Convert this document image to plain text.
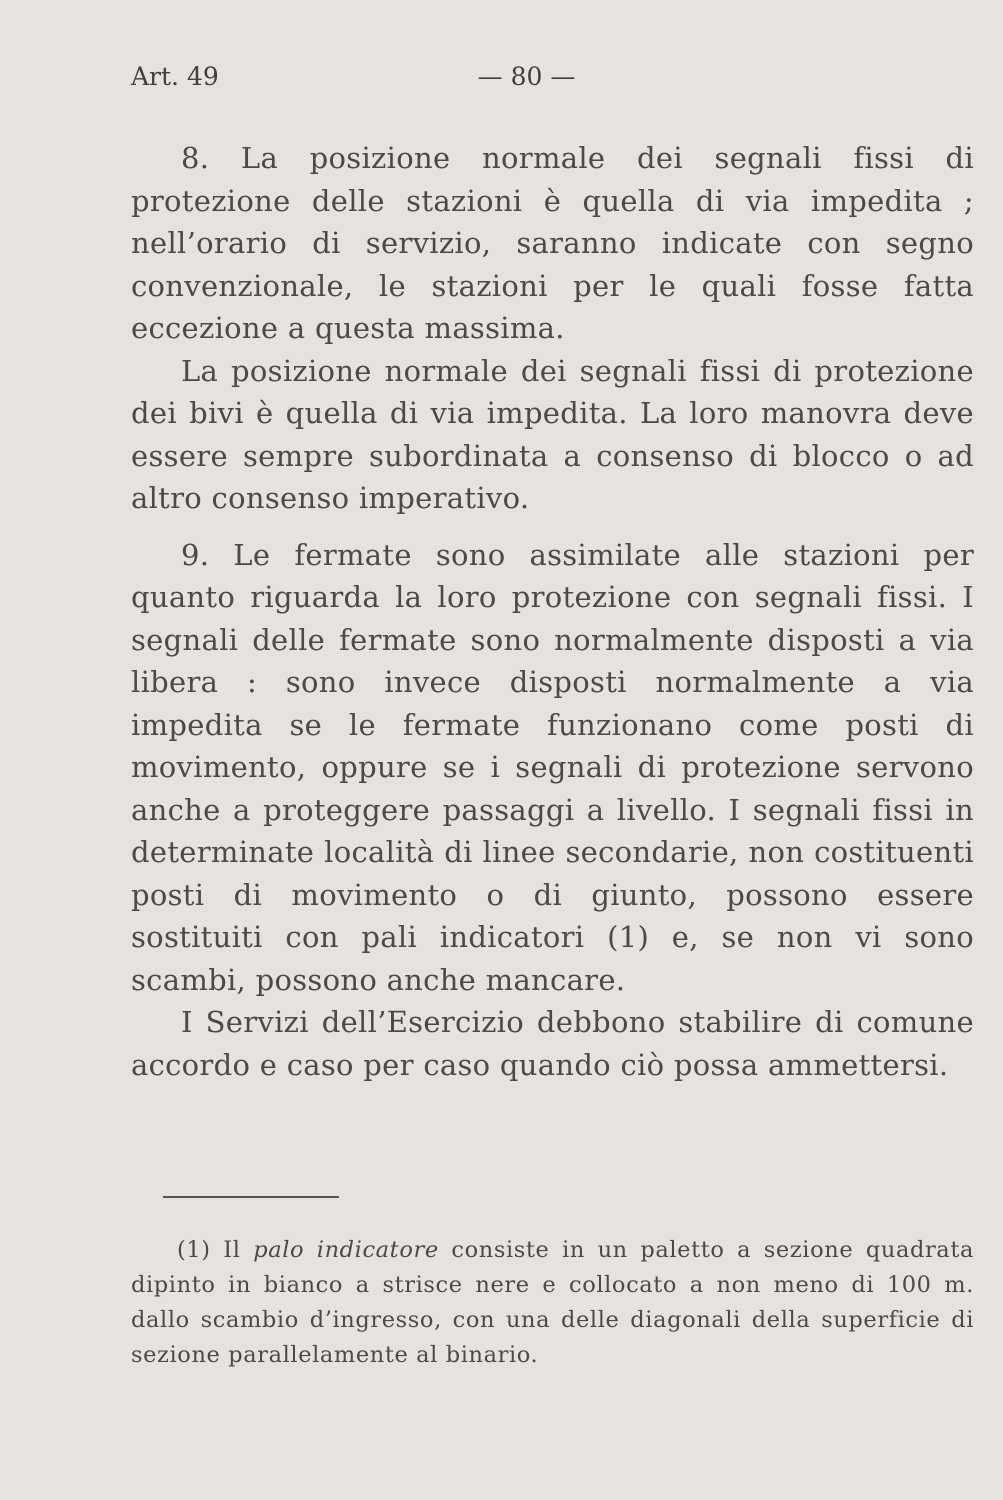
Art. 49	— 80 —

8. La posizione normale dei segnali fissi di protezione delle stazioni è quella di via impedita ; nell’orario di servizio, saranno indicate con segno convenzionale, le stazioni per le quali fosse fatta eccezione a questa massima.

La posizione normale dei segnali fissi di protezione dei bivi è quella di via impedita. La loro manovra deve essere sempre subordinata a consenso di blocco o ad altro consenso imperativo.

9. Le fermate sono assimilate alle stazioni per quanto riguarda la loro protezione con segnali fissi. I segnali delle fermate sono normalmente disposti a via libera : sono invece disposti normalmente a via impedita se le fermate funzionano come posti di movimento, oppure se i segnali di protezione servono anche a proteggere passaggi a livello. I segnali fissi in determinate località di linee secondarie, non costituenti posti di movimento o di giunto, possono essere sostituiti con pali indicatori (1) e, se non vi sono scambi, possono anche mancare.

I Servizi dell’Esercizio debbono stabilire di comune accordo e caso per caso quando ciò possa ammettersi.

(1) Il palo indicatore consiste in un paletto a sezione quadrata dipinto in bianco a strisce nere e collocato a non meno di 100 m. dallo scambio d’ingresso, con una delle diagonali della superficie di sezione parallelamente al binario.
